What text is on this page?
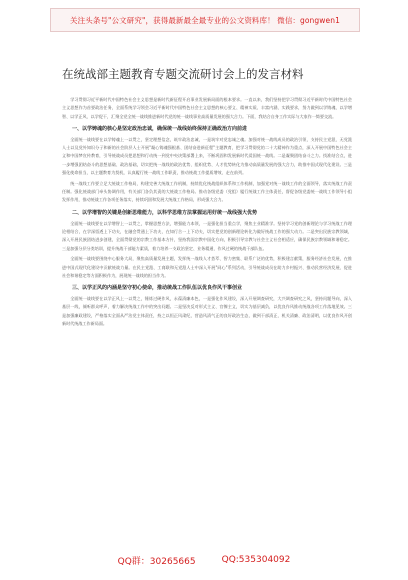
关注头条号"公文研究"，获得最新最全最专业的公文资料库！ 微信：gongwen1
在统战部主题教育专题交流研讨会上的发言材料

学习贯彻习近平新时代中国特色社会主义思想是新时代新征程开启事业发展新局面的根本要求。一直以来，我们坚持把学习贯彻习近平新时代中国特色社会主义思想作为首要政治任务，全面系统学习领会习近平新时代中国特色社会主义思想的核心要义、精神实质、丰富内涵、实践要求，努力做到以学铸魂、以学增智、以学正风、以学促干，汇聚全党全统一战线推进新时代党的统一战线事业高质量发展的强大合力。下面，我结合自身工作实际与大家作一简要交流。

一、以学铸魂的核心是坚定政治忠诚，确保统一战线始终保持正确政治方向前进

全面统一战线要在以学铸魂上一以贯之，坚定理想信念，筑牢政治忠诚，一是筑牢对党忠诚之魂。加强对统一战线成员的政治引领，支持民主党派、无党派人士以及党外知识分子和新的社会阶层人士开展"凝心铸魂强根基、团结奋进新征程"主题教育，把学习贯彻党的二十大精神作为重点，深入开展中国特色社会主义和中国梦宣传教育，引导统战成员把思想和行动统一到党中央决策部署上来，不断巩固和发展新时代爱国统一战线。二是凝聚团结奋斗之力。找准结合点，进一步增强团结奋斗的思想基础、政治基础，切实把统一战线的政治优势、组织优势、人才优势转化为推动高质量发展的强大合力，助推中国式现代化建设。三是强化使命担当，以主题教育为契机，认真履行统一战线工作职责，推动统战工作提质增效、走在前列。

统一战线工作要立足大统战工作格局，构建完善大统战工作机制，持续优化统战组织体系和工作机制，加强党对统一战线工作的全面领导，落实统战工作责任制。强化统战部门牵头协调作用，有关部门各负其责的大统战工作格局。推动各级党委（党组）履行统战工作主体责任，督促各级党委统一战线工作领导小组发挥作用，推动统战工作各项任务落实，持续巩固和发展大统战工作格局，形成强大合力。

二、以学增智的关键是创新思维能力，以科学思维方法掌握运用好统一战线强大优势

全面统一战线要在以学增智上一以贯之，掌握思想方法，增强能力本领，一是强化担当重点学，聚焦主业精准学。坚持学习党的创新理论与学习统战工作理论相结合，在学深悟透上下功夫，在融会贯通上下功夫，在知行合一上下功夫，切实把党的创新理论转化为做好统战工作的强大动力。二是突出民族宗教领域，深入开展民族团结进步创建，全面贯彻党的宗教工作基本方针，坚持我国宗教中国化方向，积极引导宗教与社会主义社会相适应，确保民族宗教领域和谐稳定。三是加强分层分类培训，提升统战干部能力素质，着力培养一支政治坚定、业务精通、作风过硬的统战干部队伍。

全面统一战线要围绕中心服务大局，聚焦高质量发展主题，发挥统一战线人才荟萃、智力密集、联系广泛的优势，积极建言献策，服务经济社会发展，在推进中国式现代化建设中贡献统战力量。在民主党派、工商联和无党派人士中深入开展"同心"系列活动，引导统战成员在助力乡村振兴、推动民营经济发展、促进社会和谐稳定等方面积极作为，展现统一战线的担当作为。

三、以学正风的内涵是坚守初心使命，推动统战工作队伍以优良作风干事创业

全面统一战线要在以学正风上一以贯之，锤炼过硬作风，永葆清廉本色，一是强化作风建设，深入开展调查研究，大兴调查研究之风，坚持问题导向，深入基层一线，倾听群众呼声，着力解决统战工作中的突出问题。二是坚决反对形式主义、官僚主义，切实为基层减负，以优良作风推动统战各项工作落地见效。三是加强廉政建设，严格落实全面从严治党主体责任，持之以恒正风肃纪，营造风清气正的良好政治生态，做到干部清正、机关清廉、政治清明，以优良作风开创新时代统战工作新局面。

QQ群：30265665	QQ:535304092
